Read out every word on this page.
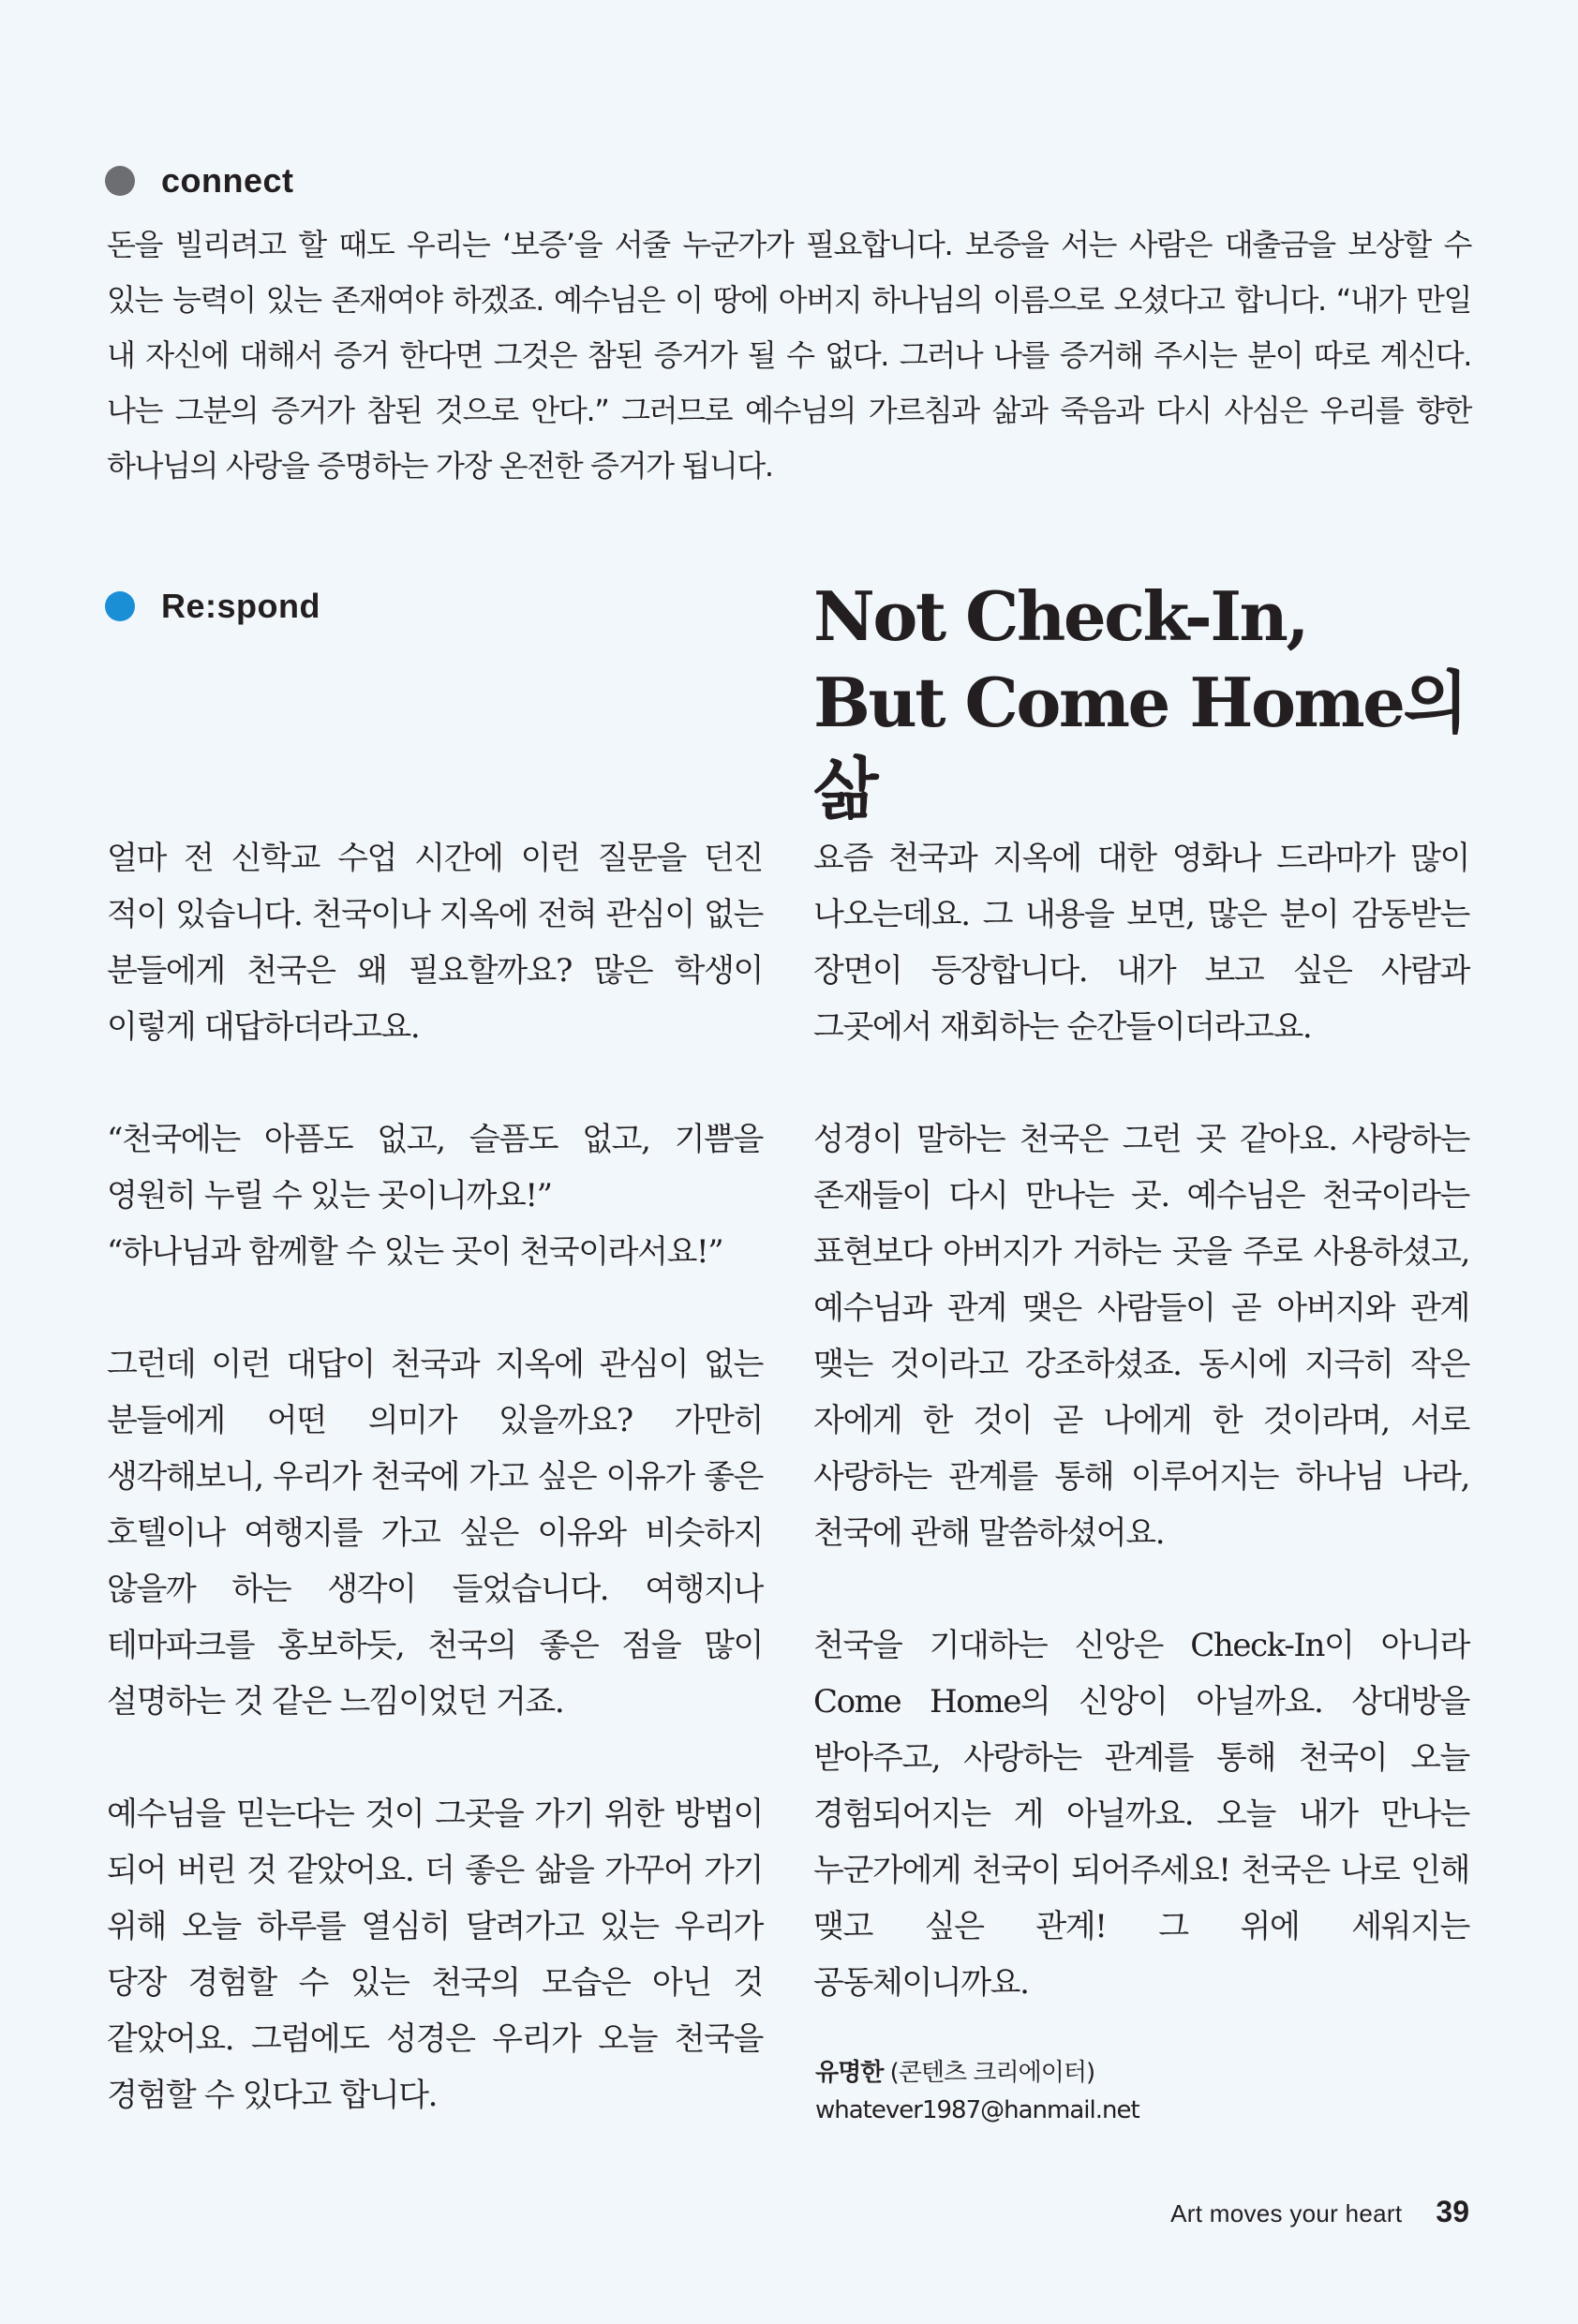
connect

돈을 빌리려고 할 때도 우리는 ‘보증’을 서줄 누군가가 필요합니다. 보증을 서는 사람은 대출금을 보상할 수 있는 능력이 있는 존재여야 하겠죠. 예수님은 이 땅에 아버지 하나님의 이름으로 오셨다고 합니다. “내가 만일 내 자신에 대해서 증거 한다면 그것은 참된 증거가 될 수 없다. 그러나 나를 증거해 주시는 분이 따로 계신다. 나는 그분의 증거가 참된 것으로 안다.” 그러므로 예수님의 가르침과 삶과 죽음과 다시 사심은 우리를 향한 하나님의 사랑을 증명하는 가장 온전한 증거가 됩니다.

Re:spond	Not Check-In,
But Come Home의 삶

얼마 전 신학교 수업 시간에 이런 질문을 던진 적이 있습니다. 천국이나 지옥에 전혀 관심이 없는 분들에게 천국은 왜 필요할까요? 많은 학생이 이렇게 대답하더라고요.

“천국에는 아픔도 없고, 슬픔도 없고, 기쁨을 영원히 누릴 수 있는 곳이니까요!”
“하나님과 함께할 수 있는 곳이 천국이라서요!”

그런데 이런 대답이 천국과 지옥에 관심이 없는 분들에게 어떤 의미가 있을까요? 가만히 생각해보니, 우리가 천국에 가고 싶은 이유가 좋은 호텔이나 여행지를 가고 싶은 이유와 비슷하지 않을까 하는 생각이 들었습니다. 여행지나 테마파크를 홍보하듯, 천국의 좋은 점을 많이 설명하는 것 같은 느낌이었던 거죠.

예수님을 믿는다는 것이 그곳을 가기 위한 방법이 되어 버린 것 같았어요. 더 좋은 삶을 가꾸어 가기 위해 오늘 하루를 열심히 달려가고 있는 우리가 당장 경험할 수 있는 천국의 모습은 아닌 것 같았어요. 그럼에도 성경은 우리가 오늘 천국을 경험할 수 있다고 합니다.

요즘 천국과 지옥에 대한 영화나 드라마가 많이 나오는데요. 그 내용을 보면, 많은 분이 감동받는 장면이 등장합니다. 내가 보고 싶은 사람과 그곳에서 재회하는 순간들이더라고요.

성경이 말하는 천국은 그런 곳 같아요. 사랑하는 존재들이 다시 만나는 곳. 예수님은 천국이라는 표현보다 아버지가 거하는 곳을 주로 사용하셨고, 예수님과 관계 맺은 사람들이 곧 아버지와 관계 맺는 것이라고 강조하셨죠. 동시에 지극히 작은 자에게 한 것이 곧 나에게 한 것이라며, 서로 사랑하는 관계를 통해 이루어지는 하나님 나라, 천국에 관해 말씀하셨어요.

천국을 기대하는 신앙은 Check-In이 아니라 Come Home의 신앙이 아닐까요. 상대방을 받아주고, 사랑하는 관계를 통해 천국이 오늘 경험되어지는 게 아닐까요. 오늘 내가 만나는 누군가에게 천국이 되어주세요! 천국은 나로 인해 맺고 싶은 관계! 그 위에 세워지는 공동체이니까요.

유명한 (콘텐츠 크리에이터)
whatever1987@hanmail.net
Art moves your heart 39
